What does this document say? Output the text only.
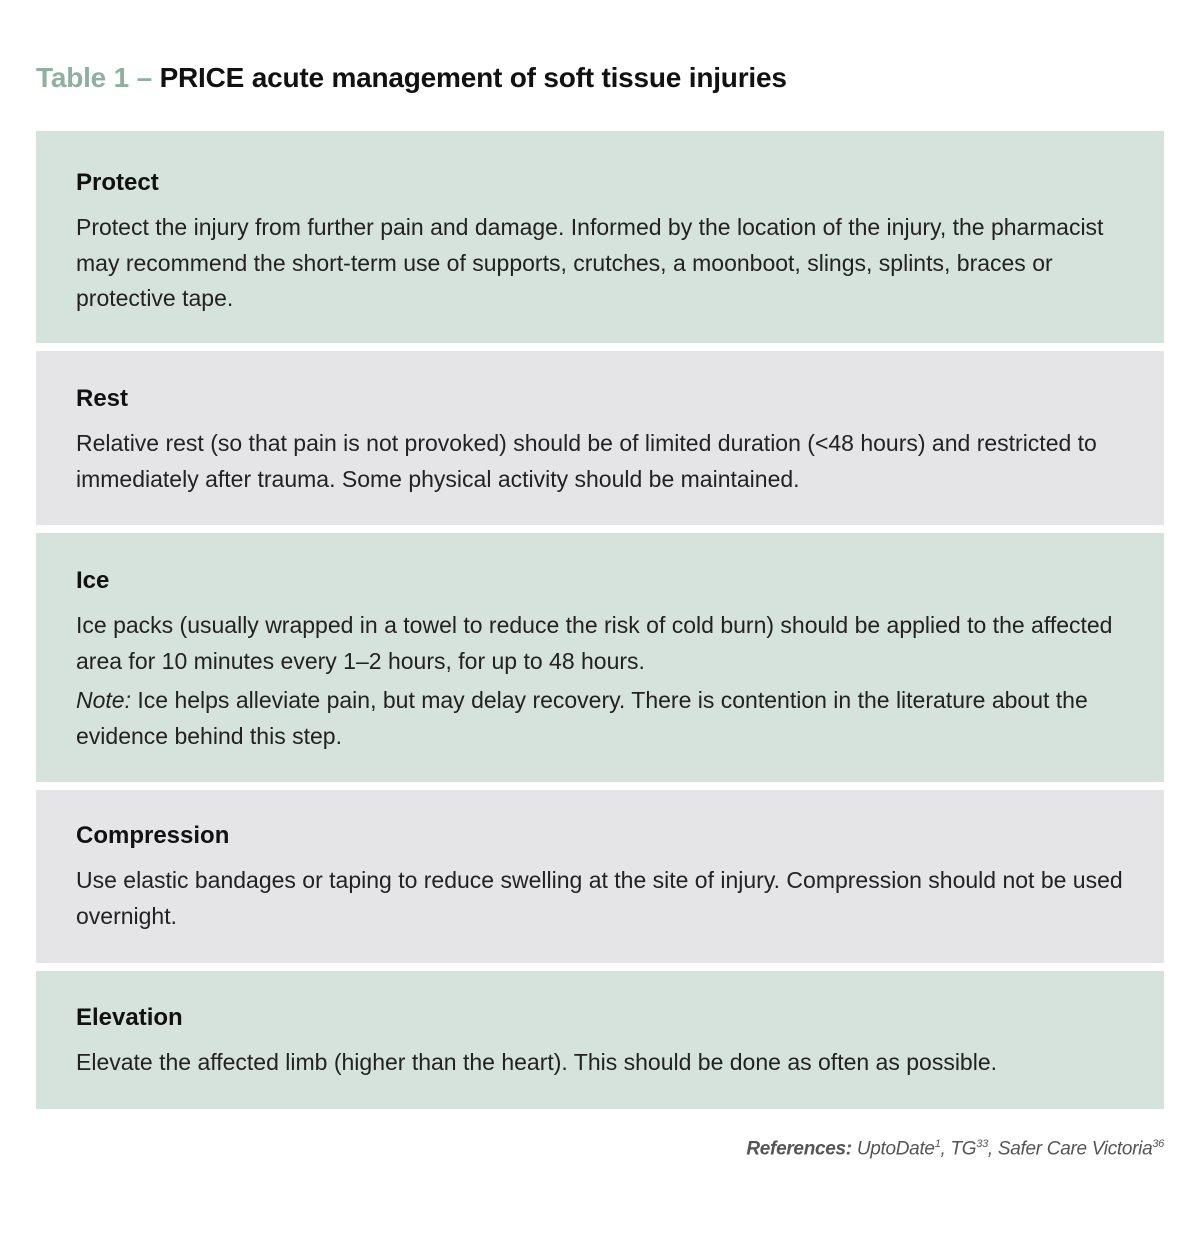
Table 1 – PRICE acute management of soft tissue injuries
Protect
Protect the injury from further pain and damage. Informed by the location of the injury, the pharmacist may recommend the short-term use of supports, crutches, a moonboot, slings, splints, braces or protective tape.
Rest
Relative rest (so that pain is not provoked) should be of limited duration (<48 hours) and restricted to immediately after trauma. Some physical activity should be maintained.
Ice
Ice packs (usually wrapped in a towel to reduce the risk of cold burn) should be applied to the affected area for 10 minutes every 1–2 hours, for up to 48 hours.
Note: Ice helps alleviate pain, but may delay recovery. There is contention in the literature about the evidence behind this step.
Compression
Use elastic bandages or taping to reduce swelling at the site of injury. Compression should not be used overnight.
Elevation
Elevate the affected limb (higher than the heart). This should be done as often as possible.
References: UptoDate$^1$, TG$^{33}$, Safer Care Victoria$^{36}$
